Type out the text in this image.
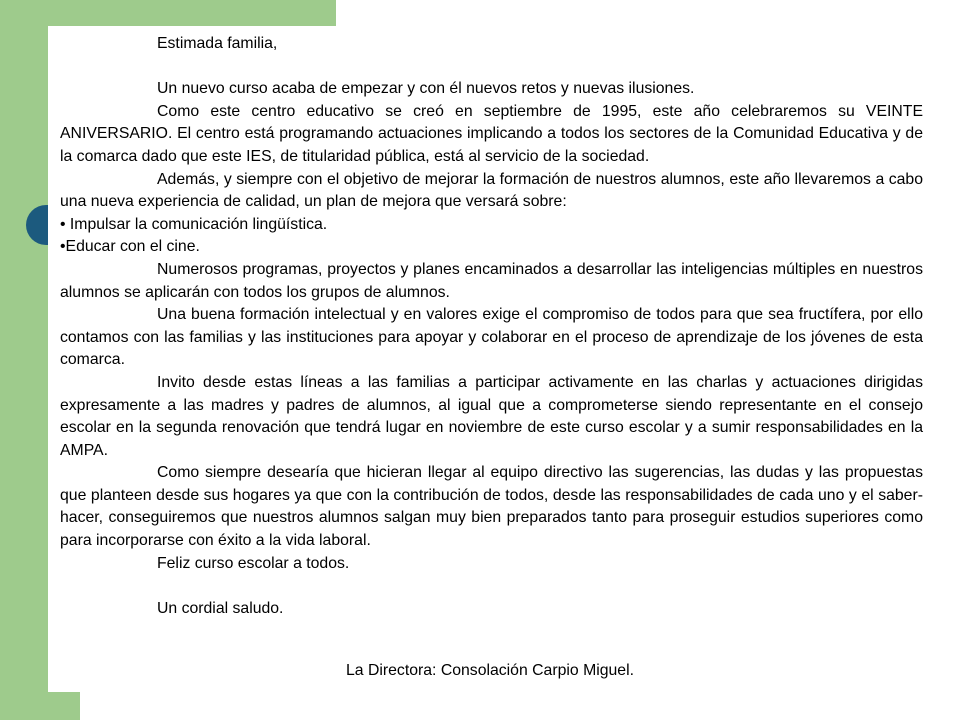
Estimada familia,

Un nuevo curso acaba de empezar y con él nuevos retos y nuevas ilusiones.

Como este centro educativo se creó en septiembre de 1995, este año celebraremos su VEINTE ANIVERSARIO. El centro está programando actuaciones implicando a todos los sectores de la Comunidad Educativa y de la comarca dado que este IES, de titularidad pública, está al servicio de la sociedad.

Además, y siempre con el objetivo de mejorar la formación de nuestros alumnos, este año llevaremos a cabo una nueva experiencia de calidad, un plan de mejora que versará sobre:

• Impulsar la comunicación lingüística.

•Educar con el cine.

Numerosos programas, proyectos y planes encaminados a desarrollar las inteligencias múltiples en nuestros alumnos se aplicarán con todos los grupos de alumnos.

Una buena formación intelectual y en valores exige el compromiso de todos para que sea fructífera, por ello contamos con las familias y las instituciones para apoyar y colaborar en el proceso de aprendizaje de los jóvenes de esta comarca.

Invito desde estas líneas a las familias a participar activamente en las charlas y actuaciones dirigidas expresamente a las madres y padres de alumnos, al igual que a comprometerse siendo representante en el consejo escolar en la segunda renovación que tendrá lugar en noviembre de este curso escolar y a sumir responsabilidades en la AMPA.

Como siempre desearía que hicieran llegar al equipo directivo las sugerencias, las dudas y las propuestas que planteen desde sus hogares ya que con la contribución de todos, desde las responsabilidades de cada uno y el saber-hacer, conseguiremos que nuestros alumnos salgan muy bien preparados tanto para proseguir estudios superiores como para incorporarse con éxito a la vida laboral.

Feliz curso escolar a todos.

Un cordial saludo.

La Directora: Consolación Carpio Miguel.
